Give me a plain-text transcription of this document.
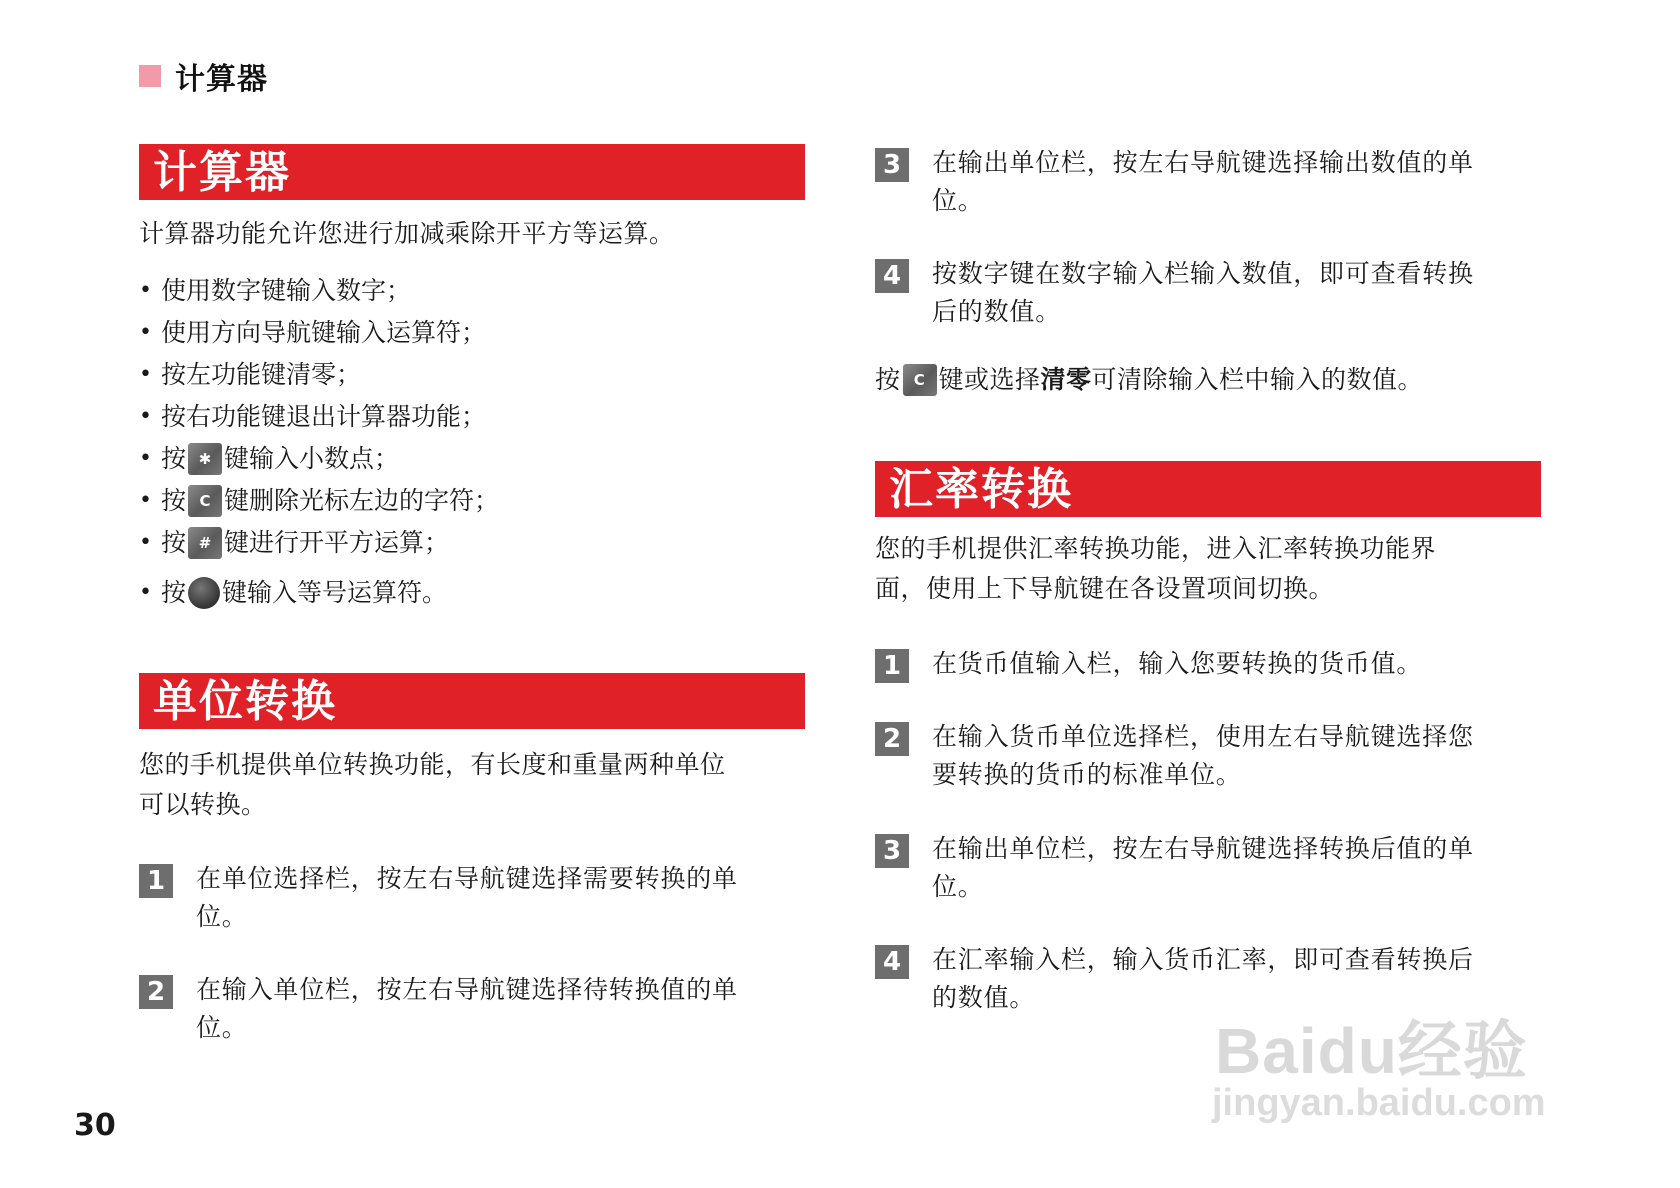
计算器
计算器
计算器功能允许您进行加减乘除开平方等运算。
• 使用数字键输入数字；
• 使用方向导航键输入运算符；
• 按左功能键清零；
• 按右功能键退出计算器功能；
• 按 ✱ 键输入小数点；
• 按 C 键删除光标左边的字符；
• 按 # 键进行开平方运算；
• 按 键输入等号运算符。
单位转换
您的手机提供单位转换功能，有长度和重量两种单位
可以转换。
1	在单位选择栏，按左右导航键选择需要转换的单
位。
2	在输入单位栏，按左右导航键选择待转换值的单
位。
3	在输出单位栏，按左右导航键选择输出数值的单
位。
4	按数字键在数字输入栏输入数值，即可查看转换
后的数值。
按 C 键或选择 清零 可清除输入栏中输入的数值。
汇率转换
您的手机提供汇率转换功能，进入汇率转换功能界
面，使用上下导航键在各设置项间切换。
1	在货币值输入栏，输入您要转换的货币值。
2	在输入货币单位选择栏，使用左右导航键选择您
要转换的货币的标准单位。
3	在输出单位栏，按左右导航键选择转换后值的单
位。
4	在汇率输入栏，输入货币汇率，即可查看转换后
的数值。
30
Baidu经验
jingyan.baidu.com
